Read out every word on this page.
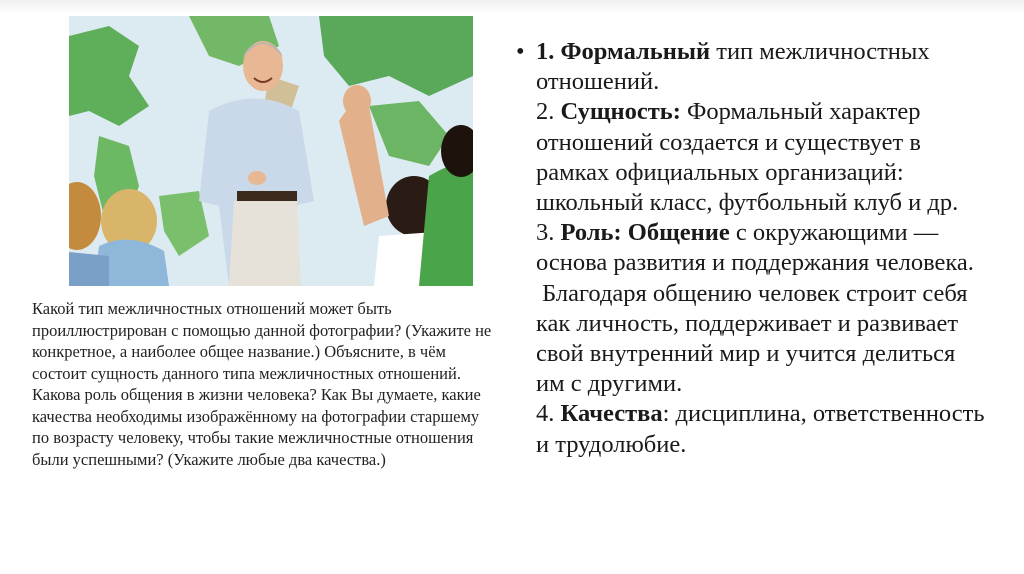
Какой тип межличностных отношений может быть проиллюстрирован с помощью данной фотографии? (Укажите не конкретное, а наиболее общее название.) Объясните, в чём состоит сущность данного типа межличностных отношений. Какова роль общения в жизни человека? Как Вы думаете, какие качества необходимы изображённому на фотографии старшему по возрасту человеку, чтобы такие межличностные отношения были успешными? (Укажите любые два качества.)
• 1. Формальный тип межличностных отношений.
2. Сущность: Формальный характер отношений создается и существует в рамках официальных организаций: школьный класс, футбольный клуб и др.
3. Роль: Общение с окружающими — основа развития и поддержания человека.
Благодаря общению человек строит себя как личность, поддерживает и развивает свой внутренний мир и учится делиться им с другими.
4. Качества: дисциплина, ответственность и трудолюбие.
